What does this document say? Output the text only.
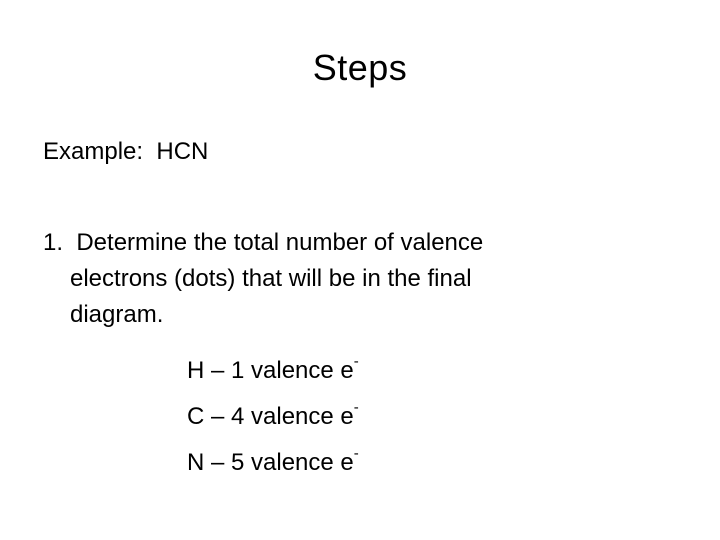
Steps
Example:  HCN
1.  Determine the total number of valence
electrons (dots) that will be in the final
diagram.
H – 1 valence e-
C – 4 valence e-
N – 5 valence e-
